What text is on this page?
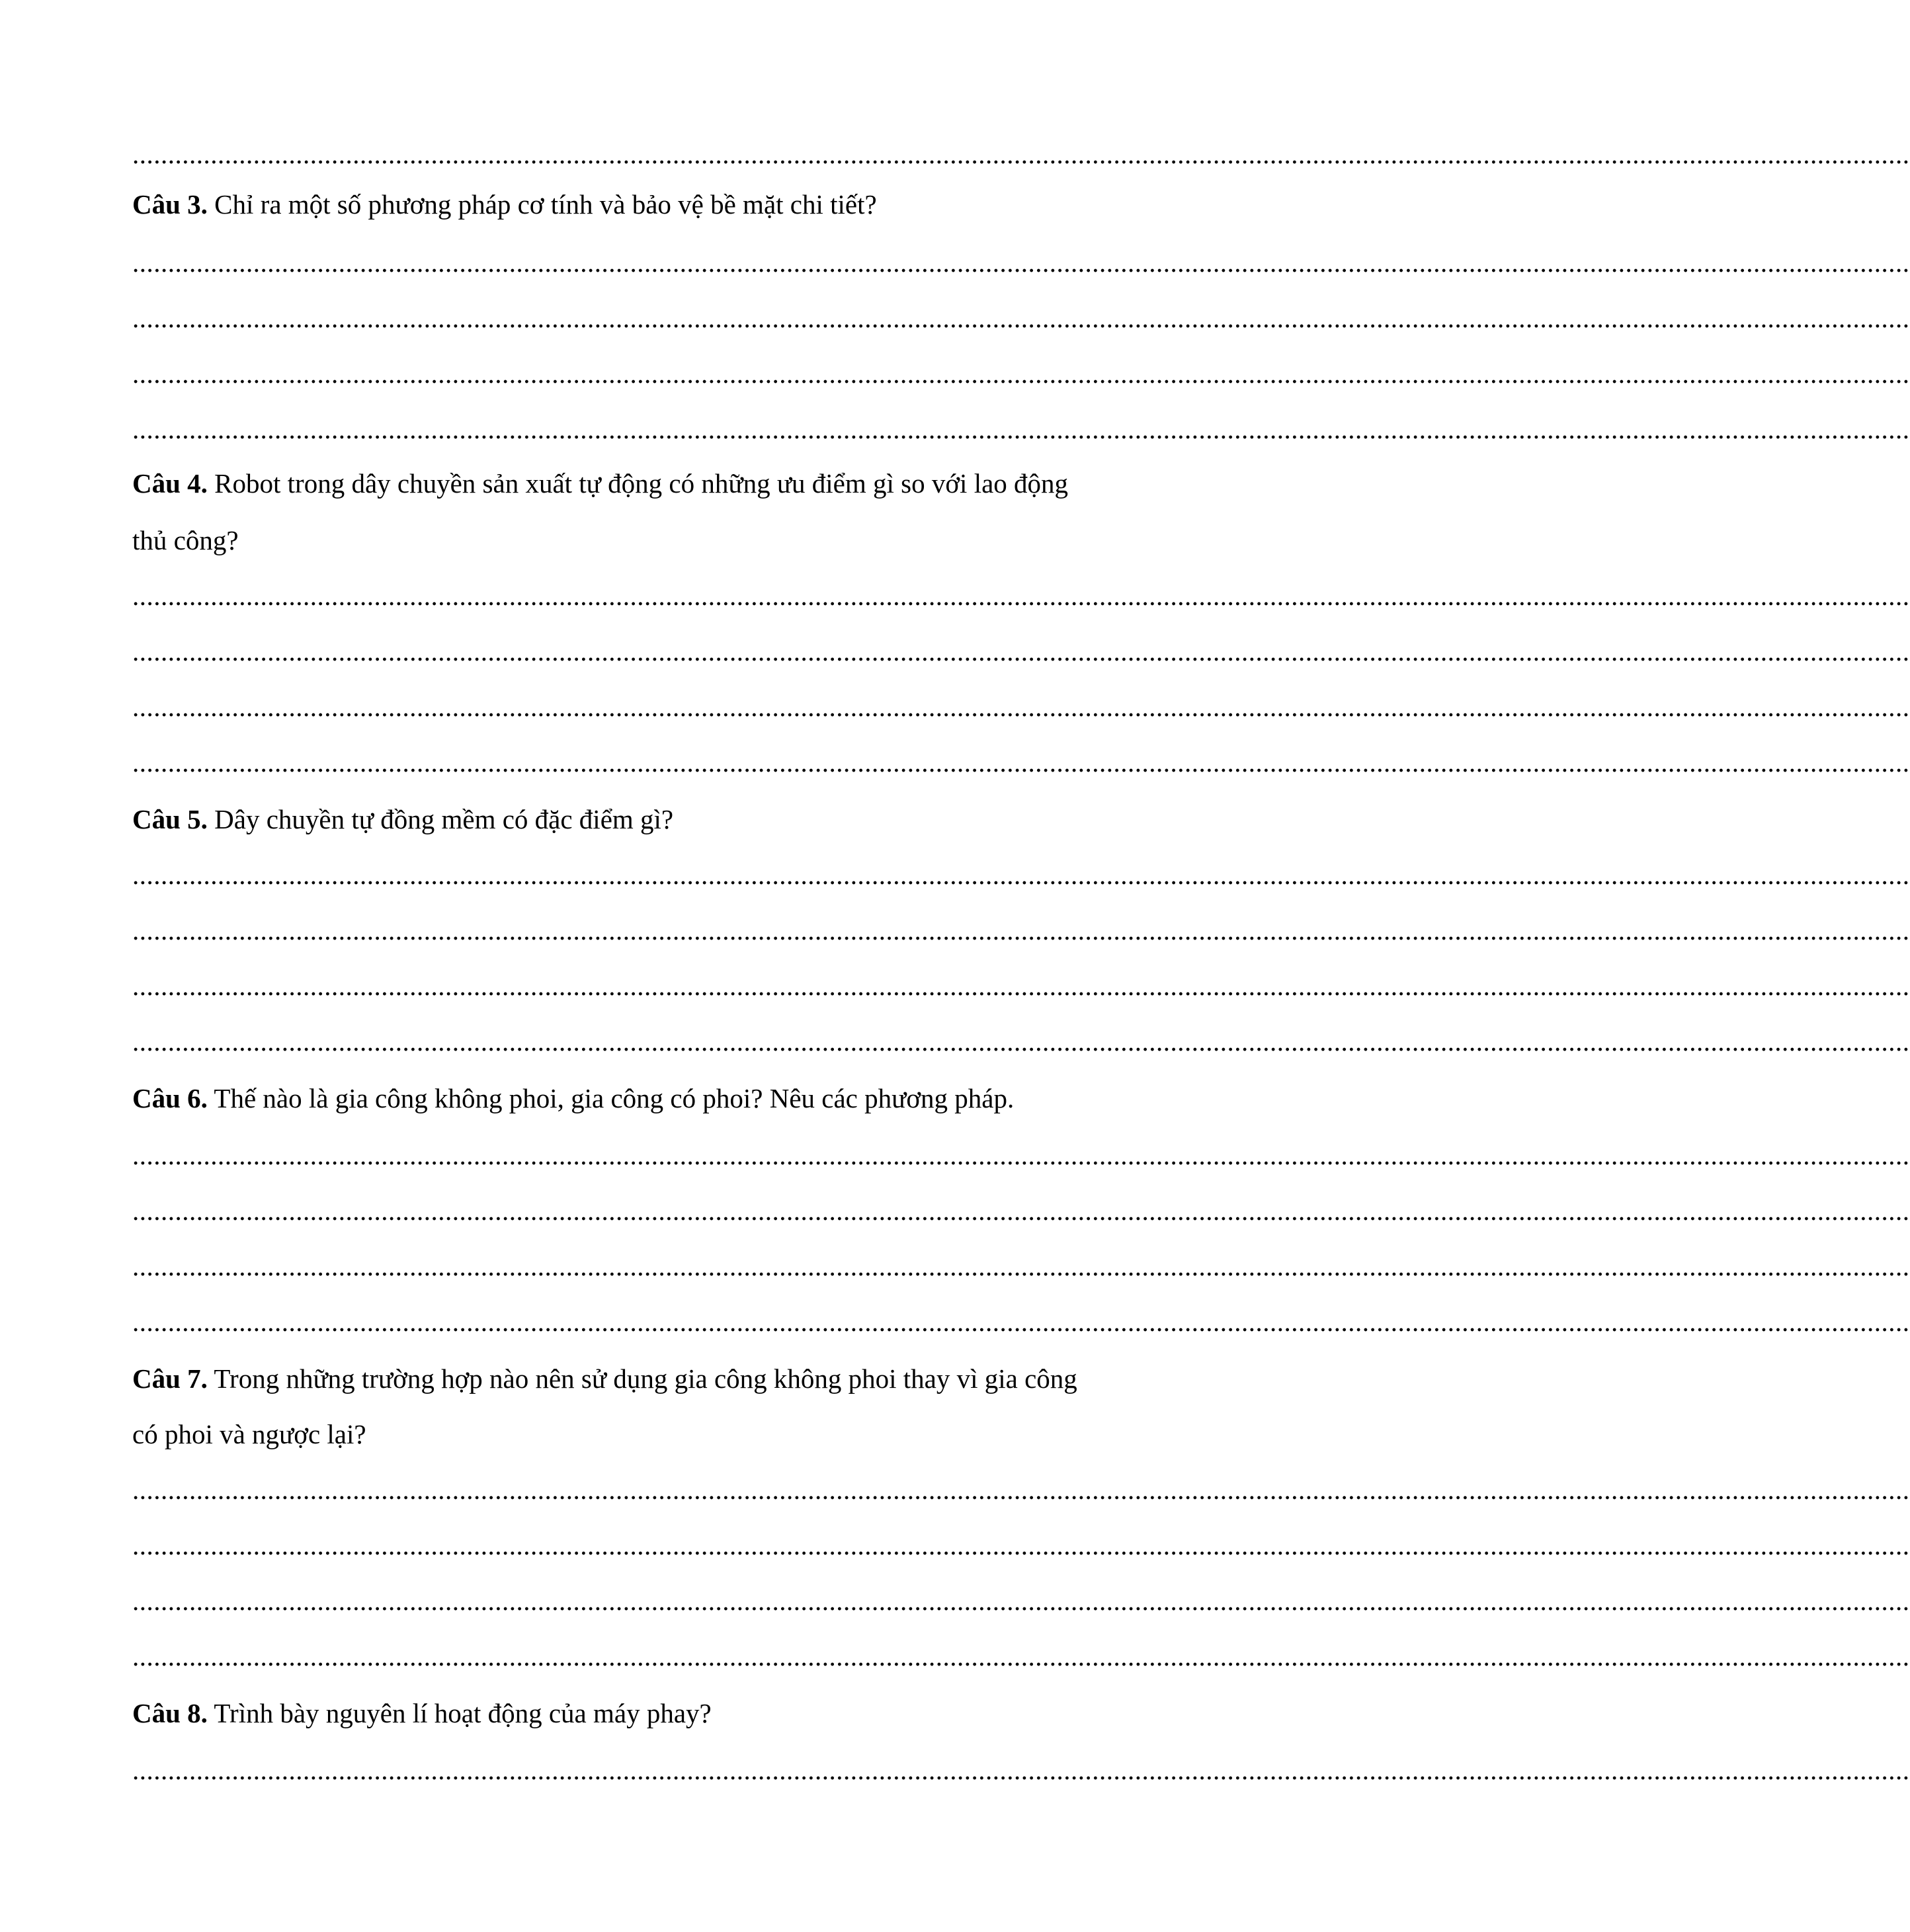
..........................................................................................................................................................................................................................................................
Câu 3. Chỉ ra một số phương pháp cơ tính và bảo vệ bề mặt chi tiết?
..........................................................................................................................................................................................................................................................
..........................................................................................................................................................................................................................................................
..........................................................................................................................................................................................................................................................
..........................................................................................................................................................................................................................................................
Câu 4. Robot trong dây chuyền sản xuất tự động có những ưu điểm gì so với lao động
thủ công?
..........................................................................................................................................................................................................................................................
..........................................................................................................................................................................................................................................................
..........................................................................................................................................................................................................................................................
..........................................................................................................................................................................................................................................................
Câu 5. Dây chuyền tự đồng mềm có đặc điểm gì?
..........................................................................................................................................................................................................................................................
..........................................................................................................................................................................................................................................................
..........................................................................................................................................................................................................................................................
..........................................................................................................................................................................................................................................................
Câu 6. Thế nào là gia công không phoi, gia công có phoi? Nêu các phương pháp.
..........................................................................................................................................................................................................................................................
..........................................................................................................................................................................................................................................................
..........................................................................................................................................................................................................................................................
..........................................................................................................................................................................................................................................................
Câu 7. Trong những trường hợp nào nên sử dụng gia công không phoi thay vì gia công
có phoi và ngược lại?
..........................................................................................................................................................................................................................................................
..........................................................................................................................................................................................................................................................
..........................................................................................................................................................................................................................................................
..........................................................................................................................................................................................................................................................
Câu 8. Trình bày nguyên lí hoạt động của máy phay?
..........................................................................................................................................................................................................................................................
